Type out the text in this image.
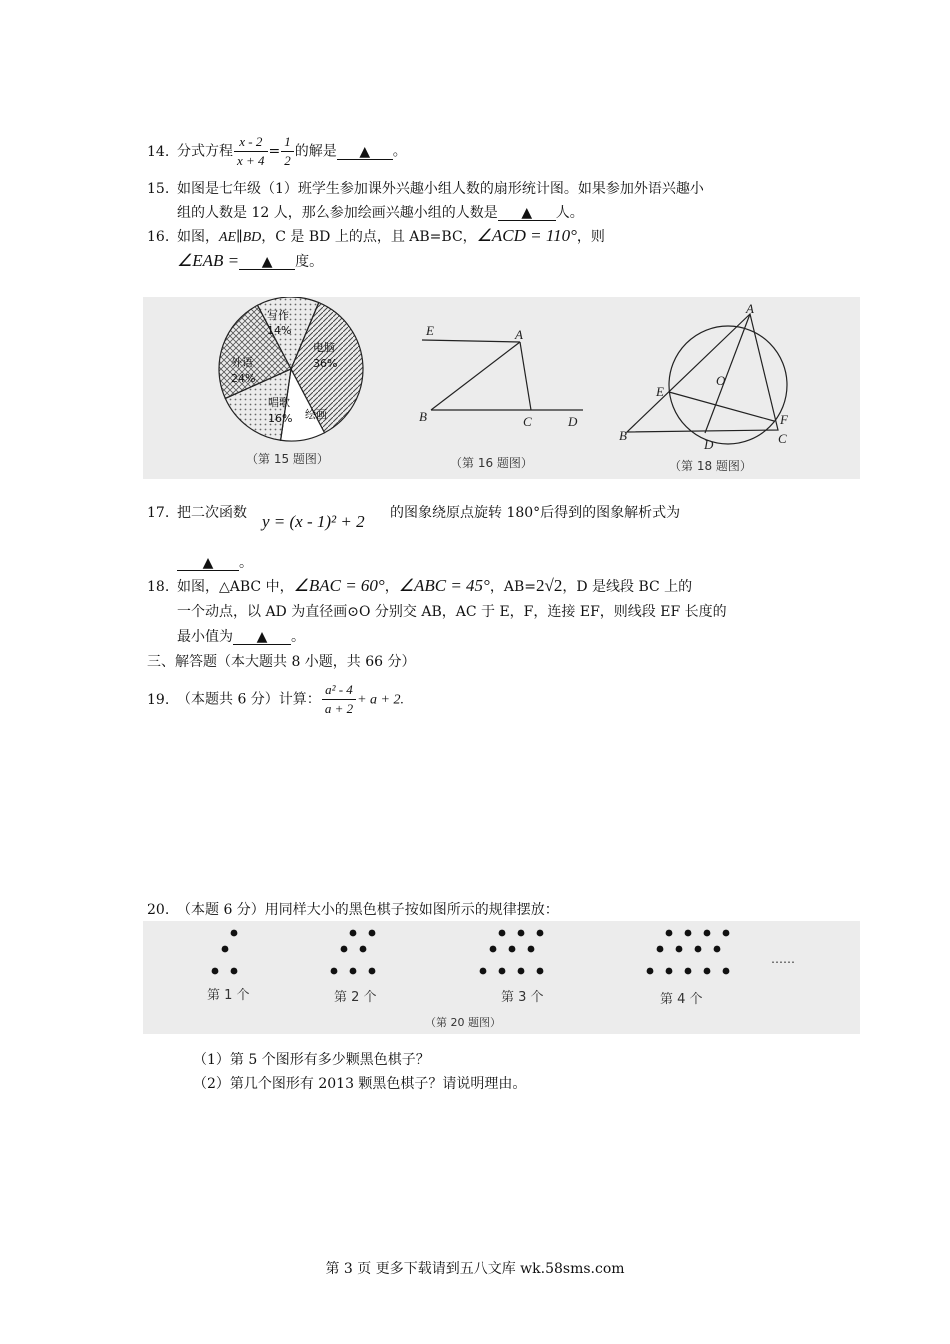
14. 分式方程 $\frac{x - 2}{x + 4} = \frac{1}{2}$ 的解是 ▲ 。
15. 如图是七年级（1）班学生参加课外兴趣小组人数的扇形统计图。如果参加外语兴趣小
组的人数是 12 人，那么参加绘画兴趣小组的人数是 ▲ 人。
16. 如图，AE∥BD，C 是 BD 上的点，且 AB=BC，∠ACD = 110°，则
∠EAB = ▲ 度。
写作
14%
电脑
36%
绘画
唱歌
16%
外语
24%
（第 15 题图）
E	A
B	C	D
（第 16 题图）
A
O
E
F
B
D	C
（第 18 题图）
17. 把二次函数 y = (x - 1)² + 2 的图象绕原点旋转 180°后得到的图象解析式为
▲ 。
18. 如图，△ABC 中，∠BAC = 60°，∠ABC = 45°，AB=2√2，D 是线段 BC 上的
一个动点，以 AD 为直径画⊙O 分别交 AB，AC 于 E，F，连接 EF，则线段 EF 长度的
最小值为 ▲ 。
三、解答题（本大题共 8 小题，共 66 分）
19. （本题共 6 分）计算： $\frac{\text{a² - 4}}{a + 2} + a + 2$.
20. （本题 6 分）用同样大小的黑色棋子按如图所示的规律摆放：
第 1 个	第 2 个	第 3 个	第 4 个
……
（第 20 题图）
（1）第 5 个图形有多少颗黑色棋子？
（2）第几个图形有 2013 颗黑色棋子？请说明理由。
第 3 页 更多下载请到五八文库 wk.58sms.com
